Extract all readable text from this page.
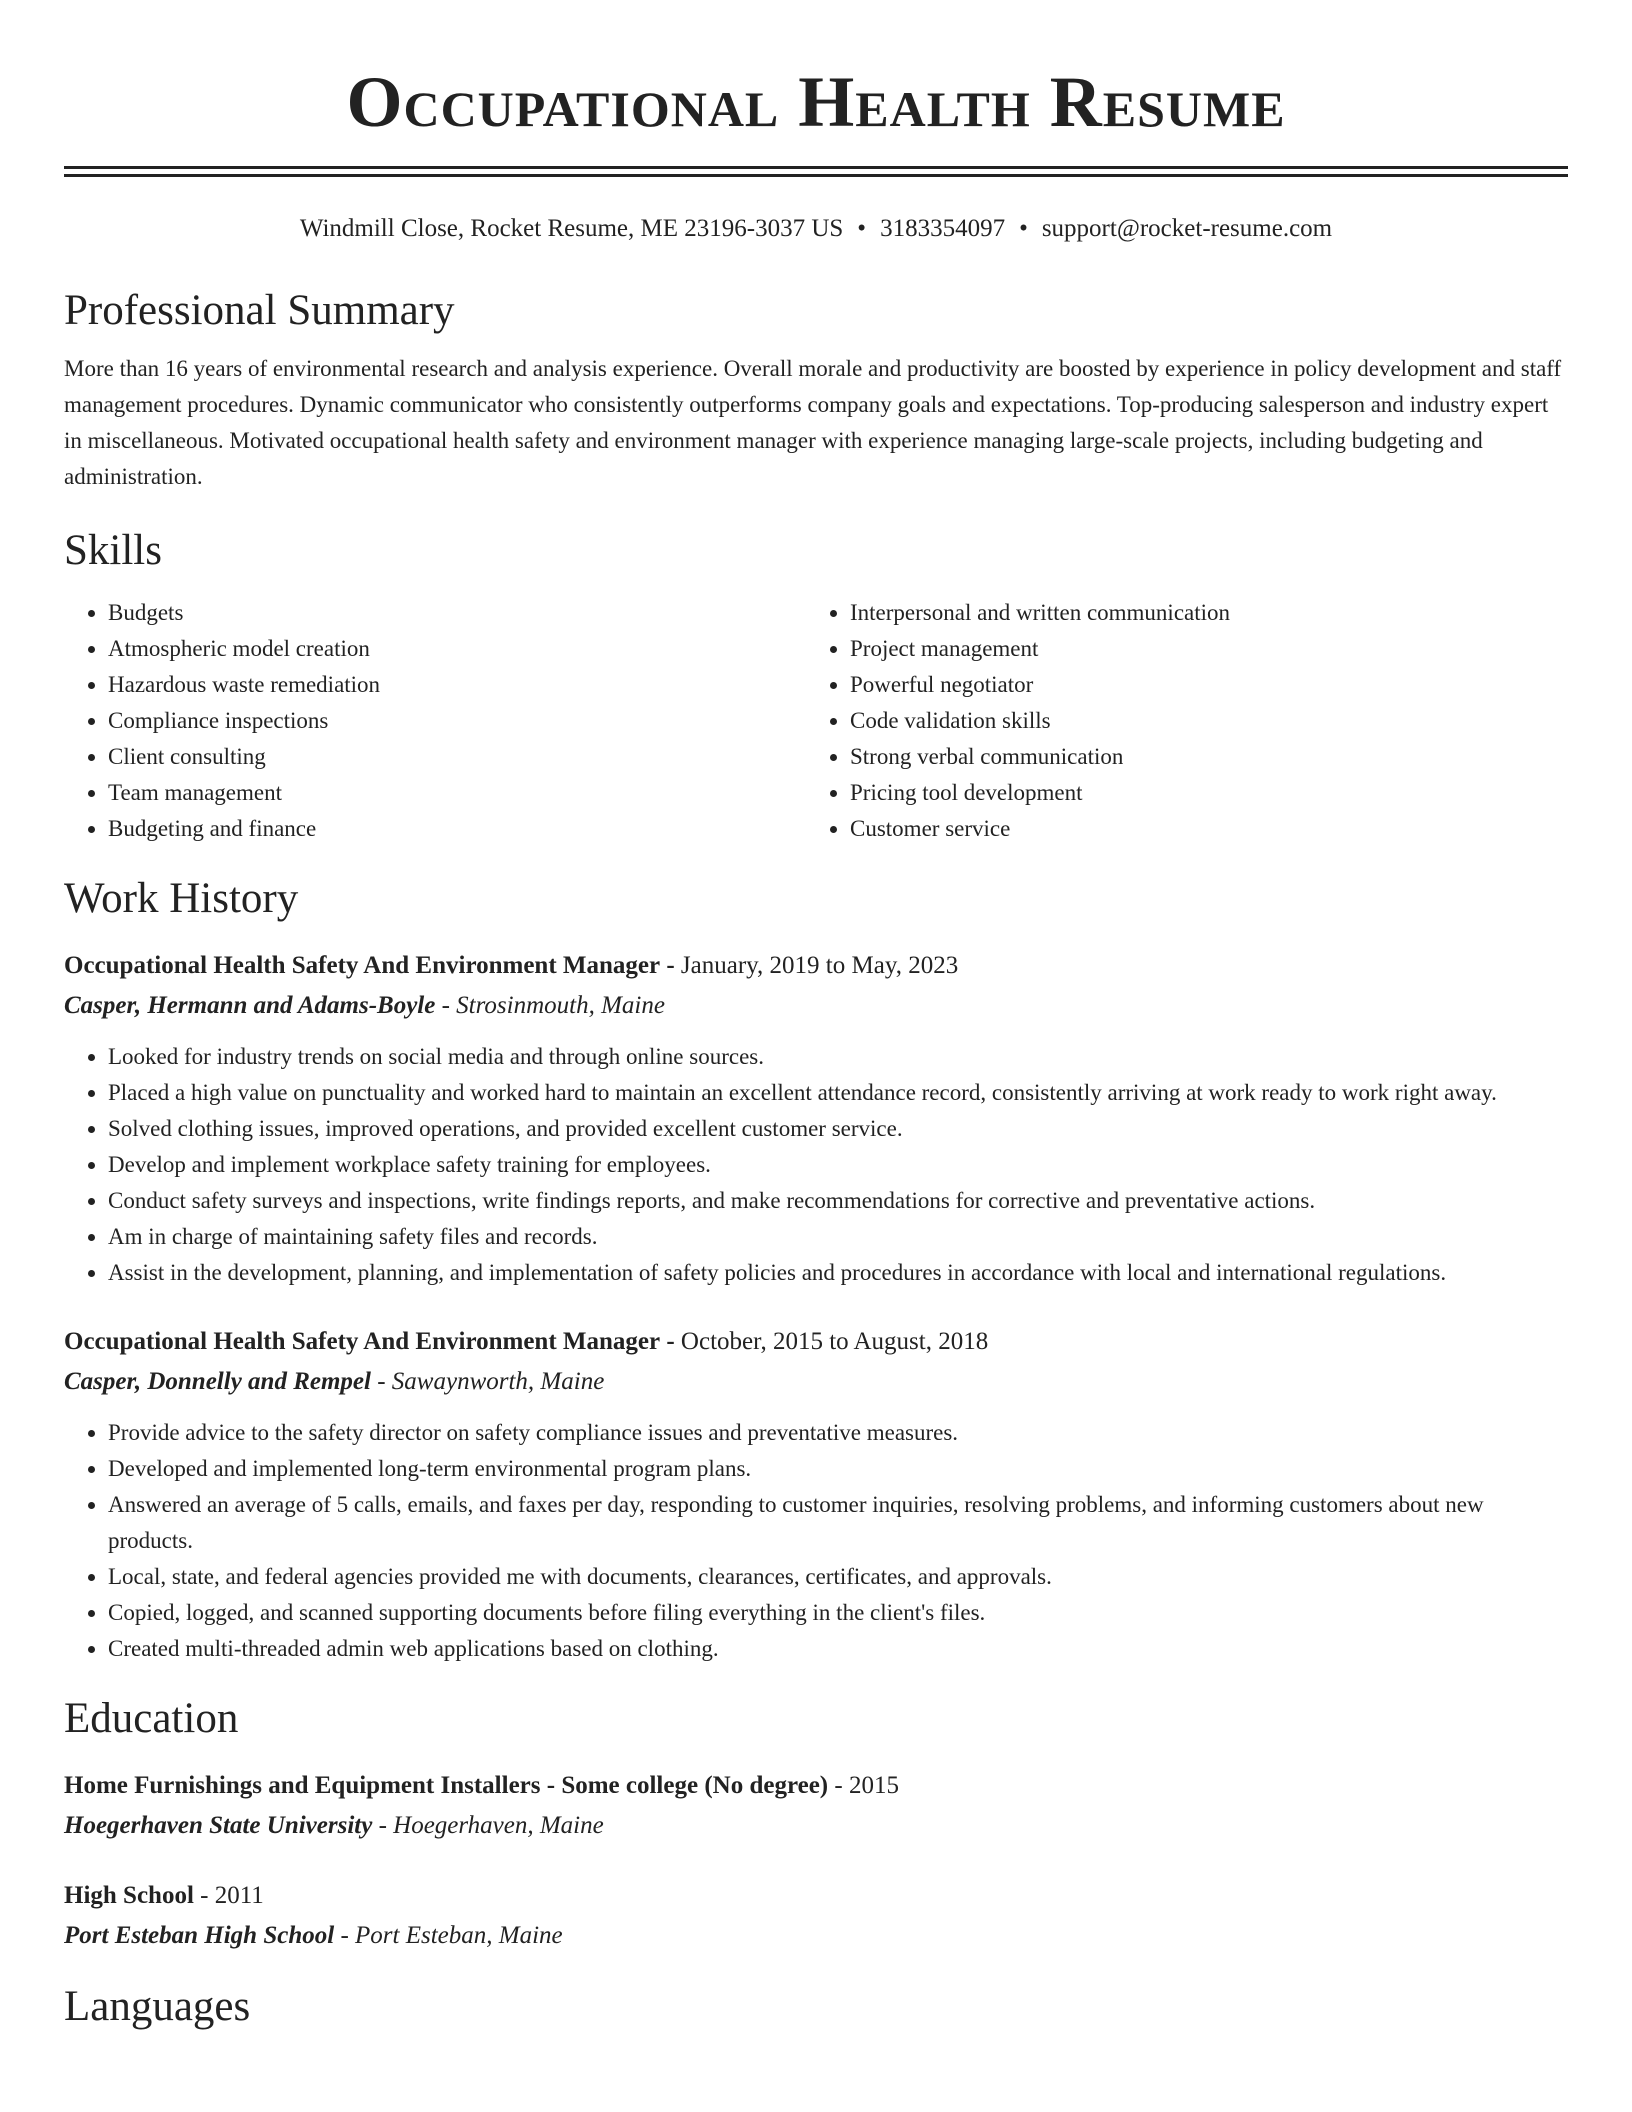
Occupational Health Resume
Windmill Close, Rocket Resume, ME 23196-3037 US • 3183354097 • support@rocket-resume.com
Professional Summary

More than 16 years of environmental research and analysis experience. Overall morale and productivity are boosted by experience in policy development and staff management procedures. Dynamic communicator who consistently outperforms company goals and expectations. Top-producing salesperson and industry expert in miscellaneous. Motivated occupational health safety and environment manager with experience managing large-scale projects, including budgeting and administration.

Skills
• Budgets
• Atmospheric model creation
• Hazardous waste remediation
• Compliance inspections
• Client consulting
• Team management
• Budgeting and finance
• Interpersonal and written communication
• Project management
• Powerful negotiator
• Code validation skills
• Strong verbal communication
• Pricing tool development
• Customer service
Work History
Occupational Health Safety And Environment Manager - January, 2019 to May, 2023
Casper, Hermann and Adams-Boyle - Strosinmouth, Maine
• Looked for industry trends on social media and through online sources.
• Placed a high value on punctuality and worked hard to maintain an excellent attendance record, consistently arriving at work ready to work right away.
• Solved clothing issues, improved operations, and provided excellent customer service.
• Develop and implement workplace safety training for employees.
• Conduct safety surveys and inspections, write findings reports, and make recommendations for corrective and preventative actions.
• Am in charge of maintaining safety files and records.
• Assist in the development, planning, and implementation of safety policies and procedures in accordance with local and international regulations.
Occupational Health Safety And Environment Manager - October, 2015 to August, 2018
Casper, Donnelly and Rempel - Sawaynworth, Maine
• Provide advice to the safety director on safety compliance issues and preventative measures.
• Developed and implemented long-term environmental program plans.
• Answered an average of 5 calls, emails, and faxes per day, responding to customer inquiries, resolving problems, and informing customers about new products.
• Local, state, and federal agencies provided me with documents, clearances, certificates, and approvals.
• Copied, logged, and scanned supporting documents before filing everything in the client's files.
• Created multi-threaded admin web applications based on clothing.
Education
Home Furnishings and Equipment Installers - Some college (No degree) - 2015
Hoegerhaven State University - Hoegerhaven, Maine
High School - 2011
Port Esteban High School - Port Esteban, Maine
Languages
